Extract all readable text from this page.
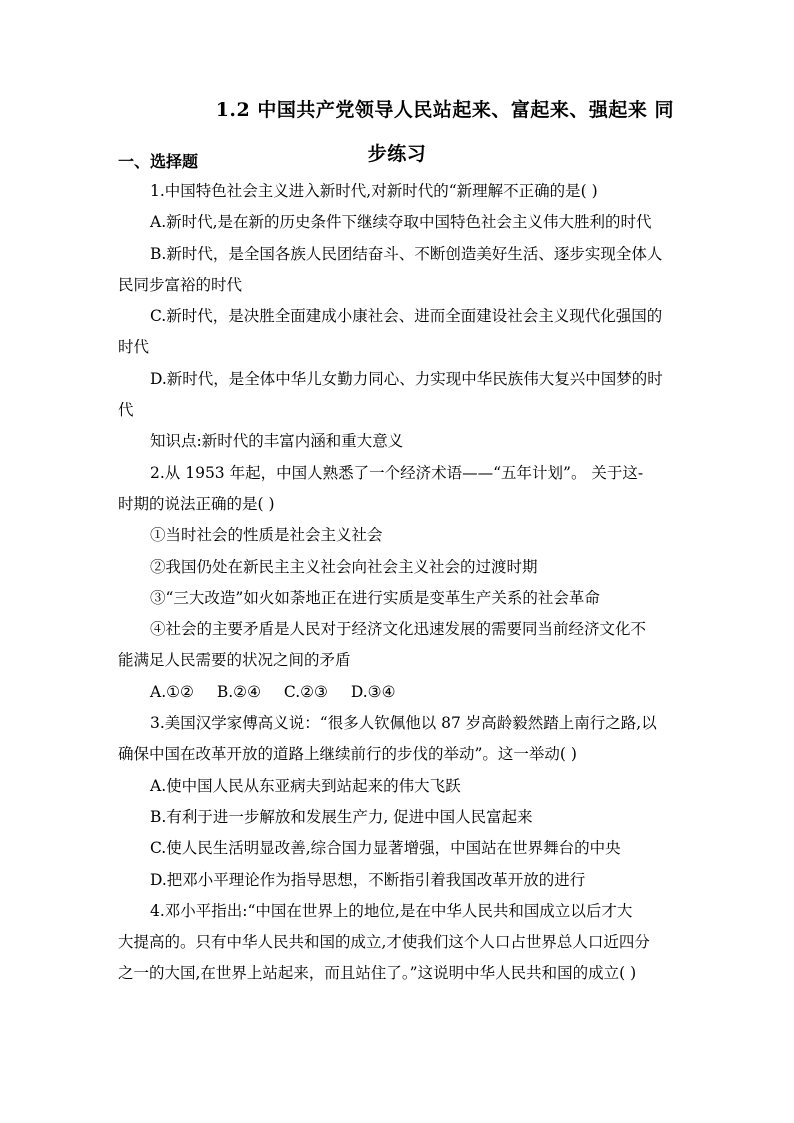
1.2 中国共产党领导人民站起来、富起来、强起来 同
步练习
一、选择题
1.中国特色社会主义进入新时代,对新时代的“新理解不正确的是( )
A.新时代,是在新的历史条件下继续夺取中国特色社会主义伟大胜利的时代
B.新时代，是全国各族人民团结奋斗、不断创造美好生活、逐步实现全体人
民同步富裕的时代
C.新时代，是决胜全面建成小康社会、进而全面建设社会主义现代化强国的
时代
D.新时代，是全体中华儿女勤力同心、力实现中华民族伟大复兴中国梦的时
代
知识点:新时代的丰富内涵和重大意义
2.从 1953 年起，中国人熟悉了一个经济术语——“五年计划”。 关于这-
时期的说法正确的是( )
①当时社会的性质是社会主义社会
②我国仍处在新民主主义社会向社会主义社会的过渡时期
③“三大改造”如火如荼地正在进行实质是变革生产关系的社会革命
④社会的主要矛盾是人民对于经济文化迅速发展的需要同当前经济文化不
能满足人民需要的状况之间的矛盾
A.①② B.②④ C.②③ D.③④
3.美国汉学家傅高义说：“很多人钦佩他以 87 岁高龄毅然踏上南行之路,以
确保中国在改革开放的道路上继续前行的步伐的举动”。这一举动( )
A.使中国人民从东亚病夫到站起来的伟大飞跃
B.有利于进一步解放和发展生产力, 促进中国人民富起来
C.使人民生活明显改善,综合国力显著增强，中国站在世界舞台的中央
D.把邓小平理论作为指导思想，不断指引着我国改革开放的进行
4.邓小平指出:“中国在世界上的地位,是在中华人民共和国成立以后才大
大提高的。只有中华人民共和国的成立,才使我们这个人口占世界总人口近四分
之一的大国,在世界上站起来，而且站住了。”这说明中华人民共和国的成立( )
